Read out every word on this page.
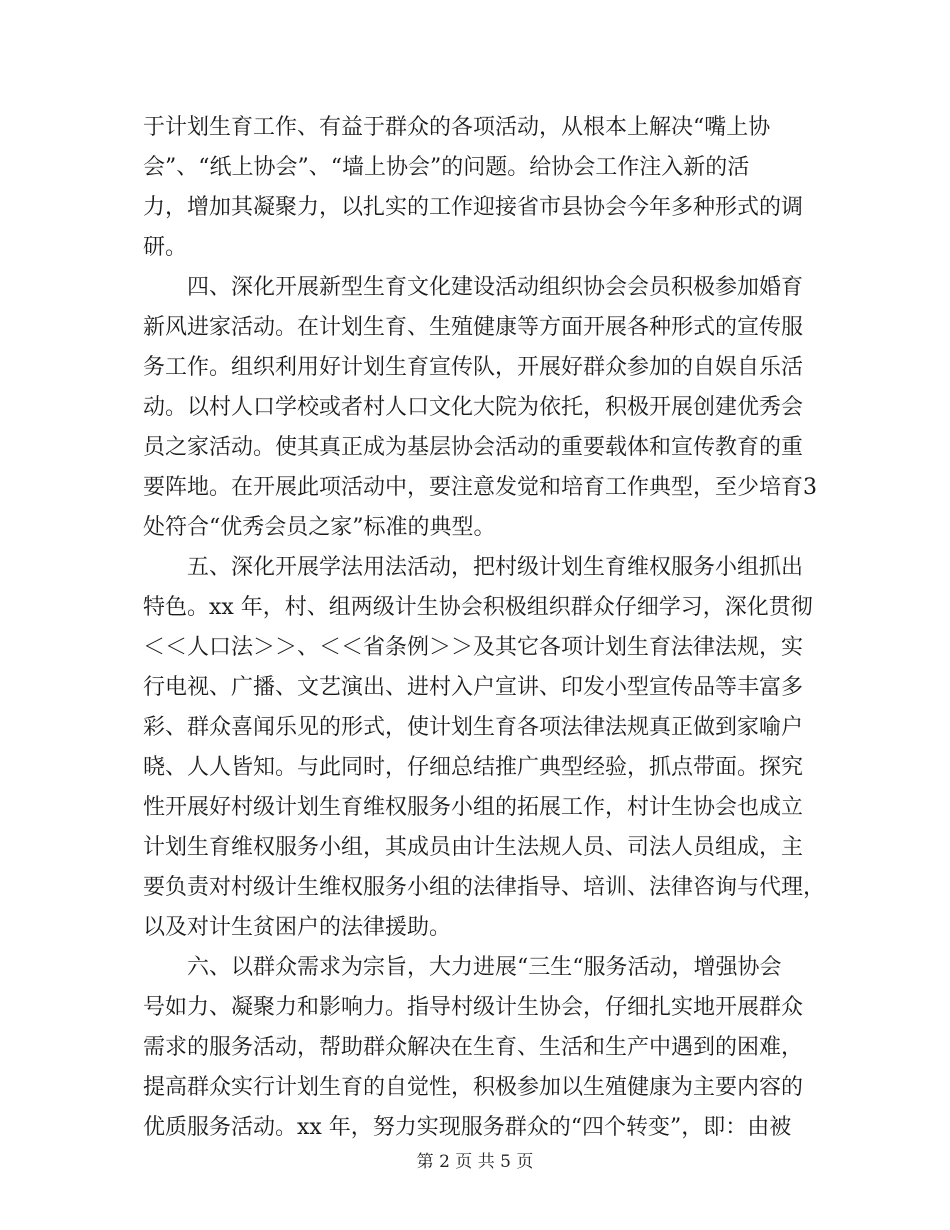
于计划生育工作、有益于群众的各项活动，从根本上解决“嘴上协
会”、“纸上协会”、“墙上协会”的问题。给协会工作注入新的活
力，增加其凝聚力，以扎实的工作迎接省市县协会今年多种形式的调
研。
　　四、深化开展新型生育文化建设活动组织协会会员积极参加婚育
新风进家活动。在计划生育、生殖健康等方面开展各种形式的宣传服
务工作。组织利用好计划生育宣传队，开展好群众参加的自娱自乐活
动。以村人口学校或者村人口文化大院为依托，积极开展创建优秀会
员之家活动。使其真正成为基层协会活动的重要载体和宣传教育的重
要阵地。在开展此项活动中，要注意发觉和培育工作典型，至少培育3
处符合“优秀会员之家”标准的典型。
　　五、深化开展学法用法活动，把村级计划生育维权服务小组抓出
特色。xx 年，村、组两级计生协会积极组织群众仔细学习，深化贯彻
＜＜人口法＞＞、＜＜省条例＞＞及其它各项计划生育法律法规，实
行电视、广播、文艺演出、进村入户宣讲、印发小型宣传品等丰富多
彩、群众喜闻乐见的形式，使计划生育各项法律法规真正做到家喻户
晓、人人皆知。与此同时，仔细总结推广典型经验，抓点带面。探究
性开展好村级计划生育维权服务小组的拓展工作，村计生协会也成立
计划生育维权服务小组，其成员由计生法规人员、司法人员组成，主
要负责对村级计生维权服务小组的法律指导、培训、法律咨询与代理，
以及对计生贫困户的法律援助。
　　六、以群众需求为宗旨，大力进展“三生“服务活动，增强协会
号如力、凝聚力和影响力。指导村级计生协会，仔细扎实地开展群众
需求的服务活动，帮助群众解决在生育、生活和生产中遇到的困难，
提高群众实行计划生育的自觉性，积极参加以生殖健康为主要内容的
优质服务活动。xx 年，努力实现服务群众的“四个转变”，即：由被
第 2 页 共 5 页
